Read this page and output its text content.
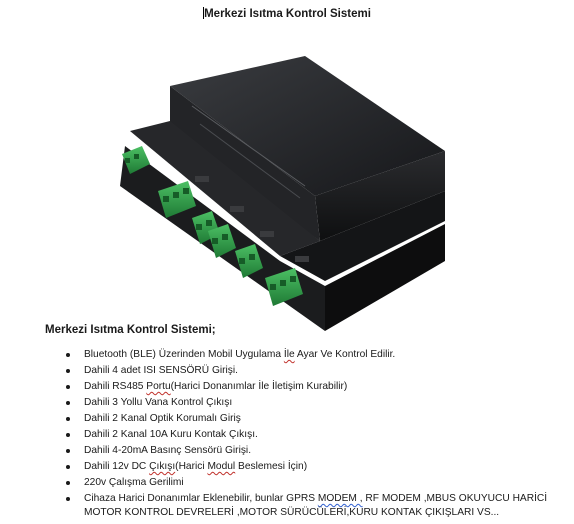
Merkezi Isıtma Kontrol Sistemi
Merkezi Isıtma Kontrol Sistemi;
Bluetooth (BLE) Üzerinden Mobil Uygulama İle Ayar Ve Kontrol Edilir.
Dahili 4 adet ISI SENSÖRÜ Girişi.
Dahili RS485 Portu(Harici Donanımlar İle İletişim Kurabilir)
Dahili 3 Yollu Vana Kontrol Çıkışı
Dahili 2 Kanal Optik Korumalı Giriş
Dahili 2 Kanal 10A Kuru Kontak Çıkışı.
Dahili 4-20mA Basınç Sensörü Girişi.
Dahili 12v DC Çıkışı(Harici Modul Beslemesi İçin)
220v Çalışma Gerilimi
Cihaza Harici Donanımlar Eklenebilir, bunlar GPRS MODEM , RF MODEM ,MBUS OKUYUCU HARİCİ MOTOR KONTROL DEVRELERİ ,MOTOR SÜRÜCÜLERİ,KURU KONTAK ÇIKIŞLARI VS...
